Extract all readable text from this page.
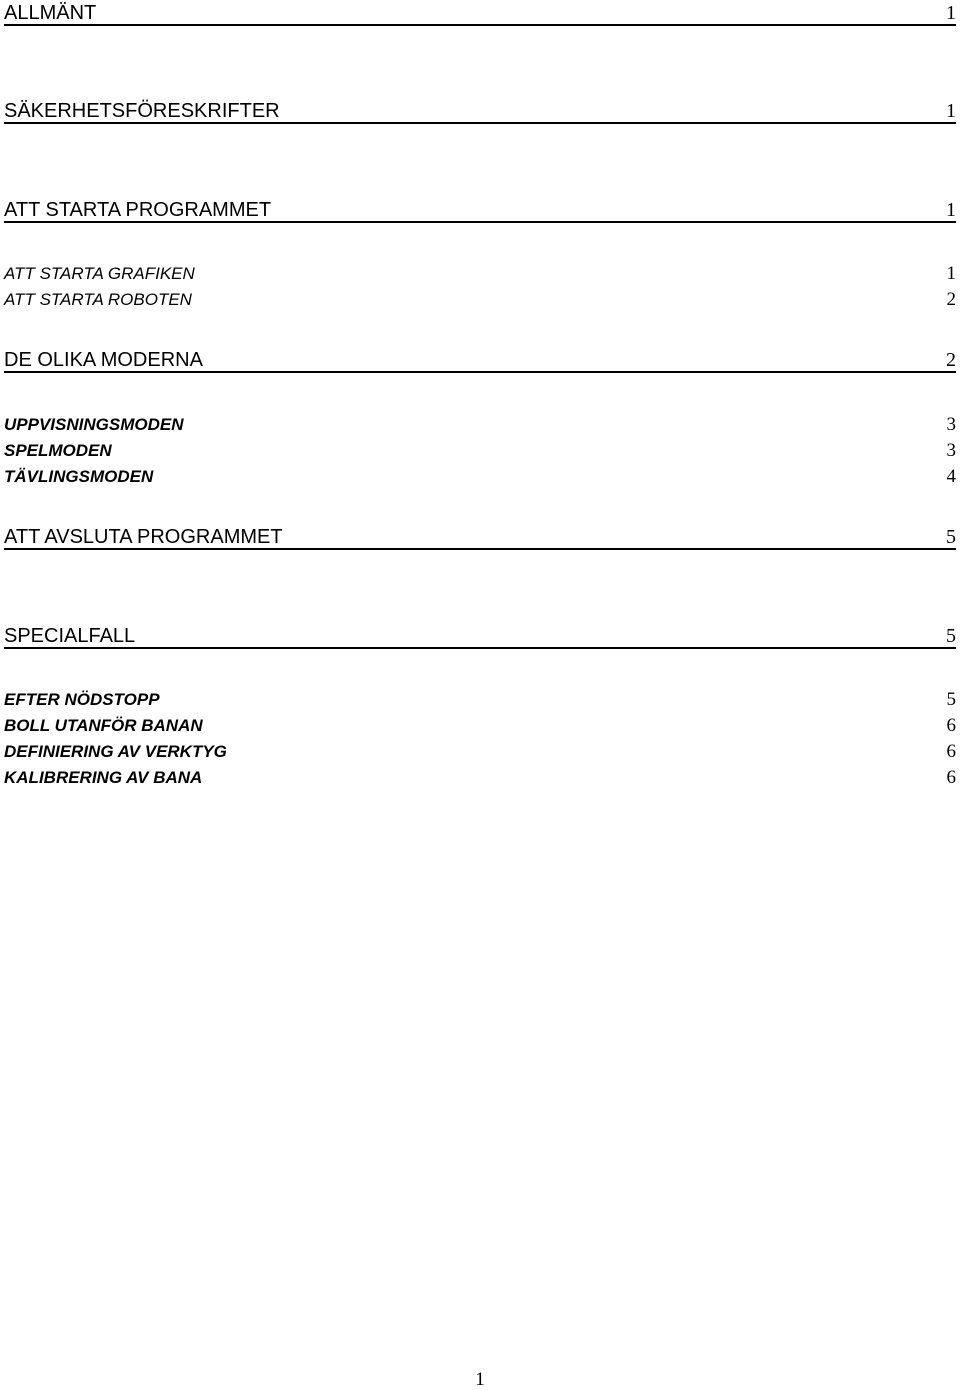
ALLMÄNT	1
SÄKERHETSFÖRESKRIFTER	1
ATT STARTA PROGRAMMET	1
ATT STARTA GRAFIKEN	1
ATT STARTA ROBOTEN	2
DE OLIKA MODERNA	2
UPPVISNINGSMODEN	3
SPELMODEN	3
TÄVLINGSMODEN	4
ATT AVSLUTA PROGRAMMET	5
SPECIALFALL	5
EFTER NÖDSTOPP	5
BOLL UTANFÖR BANAN	6
DEFINIERING AV VERKTYG	6
KALIBRERING AV BANA	6
1
